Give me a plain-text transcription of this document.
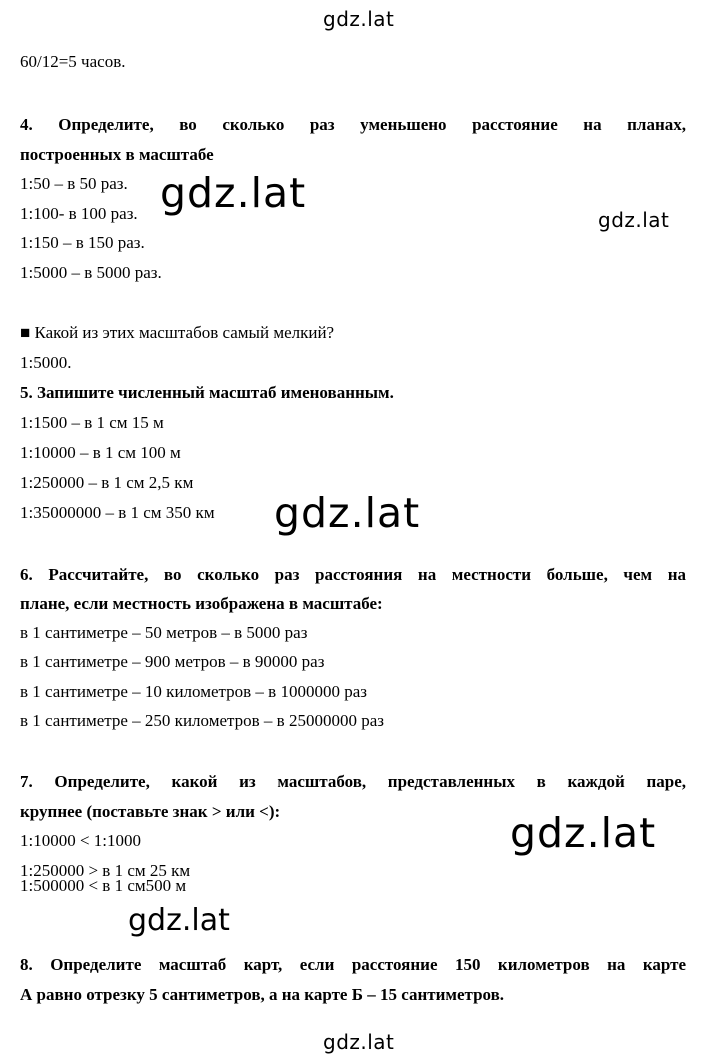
gdz.lat
60/12=5 часов.
4. Определите, во сколько раз уменьшено расстояние на планах,
построенных в масштабе
1:50 – в 50 раз.
1:100- в 100 раз.
1:150 – в 150 раз.
1:5000 – в 5000 раз.
gdz.lat
gdz.lat
■ Какой из этих масштабов самый мелкий?
1:5000.
5. Запишите численный масштаб именованным.
1:1500 – в 1 см 15 м
1:10000 – в 1 см 100 м
1:250000 – в 1 см 2,5 км
1:35000000 – в 1 см 350 км gdz.lat
6. Рассчитайте, во сколько раз расстояния на местности больше, чем на
плане, если местность изображена в масштабе:
в 1 сантиметре – 50 метров – в 5000 раз
в 1 сантиметре – 900 метров – в 90000 раз
в 1 сантиметре – 10 километров – в 1000000 раз
в 1 сантиметре – 250 километров – в 25000000 раз
7. Определите, какой из масштабов, представленных в каждой паре,
крупнее (поставьте знак > или <):
1:10000 < 1:1000
1:250000 > в 1 см 25 км
1:500000 < в 1 см500 м
gdz.lat
gdz.lat
8. Определите масштаб карт, если расстояние 150 километров на карте
А равно отрезку 5 сантиметров, а на карте Б – 15 сантиметров.
gdz.lat
